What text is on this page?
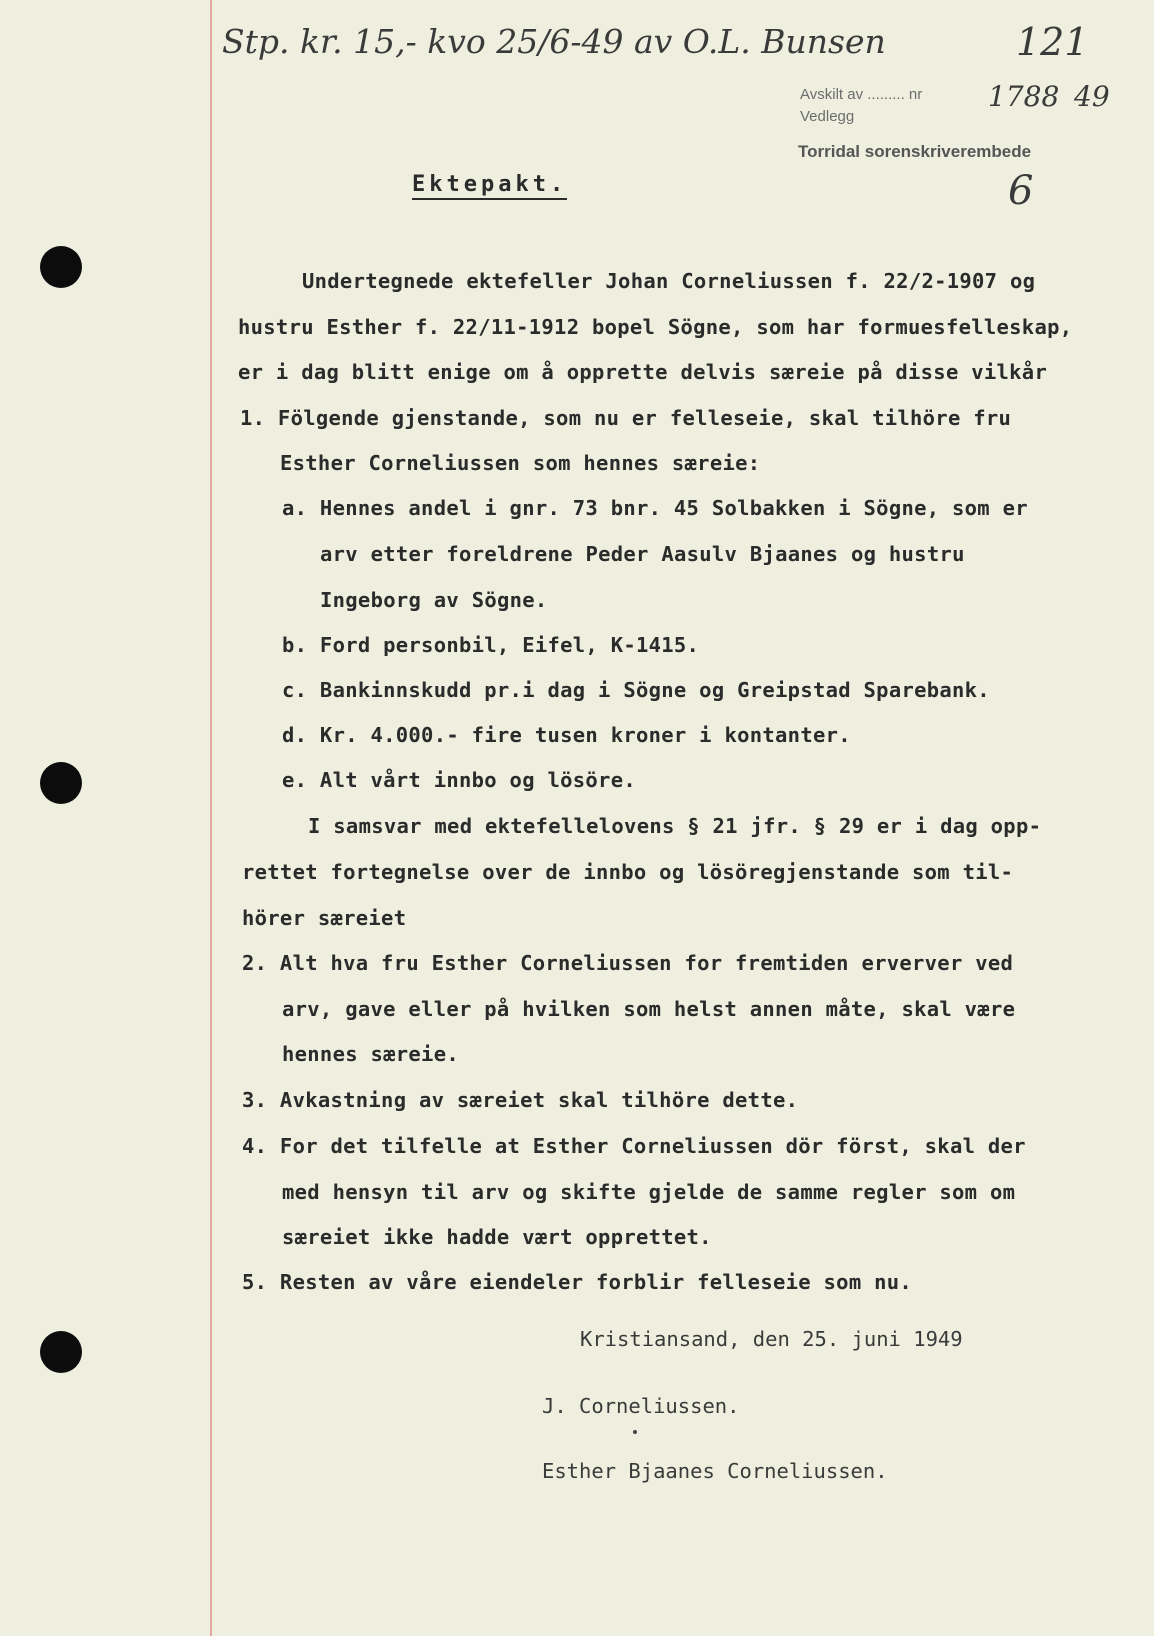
Stp. kr. 15,- kvo 25/6-49 av O.L. Bunsen	121
Avskilt av ......... nr
Vedlegg
1788 49
Torridal sorenskriverembede
6
Ektepakt.
Undertegnede ektefeller Johan Corneliussen f. 22/2-1907 og
hustru Esther f. 22/11-1912 bopel Sögne, som har formuesfelleskap,
er i dag blitt enige om å opprette delvis særeie på disse vilkår
1. Fölgende gjenstande, som nu er felleseie, skal tilhöre fru
Esther Corneliussen som hennes særeie:
a. Hennes andel i gnr. 73 bnr. 45 Solbakken i Sögne, som er
arv etter foreldrene Peder Aasulv Bjaanes og hustru
Ingeborg av Sögne.
b. Ford personbil, Eifel, K-1415.
c. Bankinnskudd pr.i dag i Sögne og Greipstad Sparebank.
d. Kr. 4.000.- fire tusen kroner i kontanter.
e. Alt vårt innbo og lösöre.
I samsvar med ektefellelovens § 21 jfr. § 29 er i dag opp-
rettet fortegnelse over de innbo og lösöregjenstande som til-
hörer særeiet
2. Alt hva fru Esther Corneliussen for fremtiden erverver ved
arv, gave eller på hvilken som helst annen måte, skal være
hennes særeie.
3. Avkastning av særeiet skal tilhöre dette.
4. For det tilfelle at Esther Corneliussen dör först, skal der
med hensyn til arv og skifte gjelde de samme regler som om
særeiet ikke hadde vært opprettet.
5. Resten av våre eiendeler forblir felleseie som nu.
Kristiansand, den 25. juni 1949
J. Corneliussen.
Esther Bjaanes Corneliussen.
